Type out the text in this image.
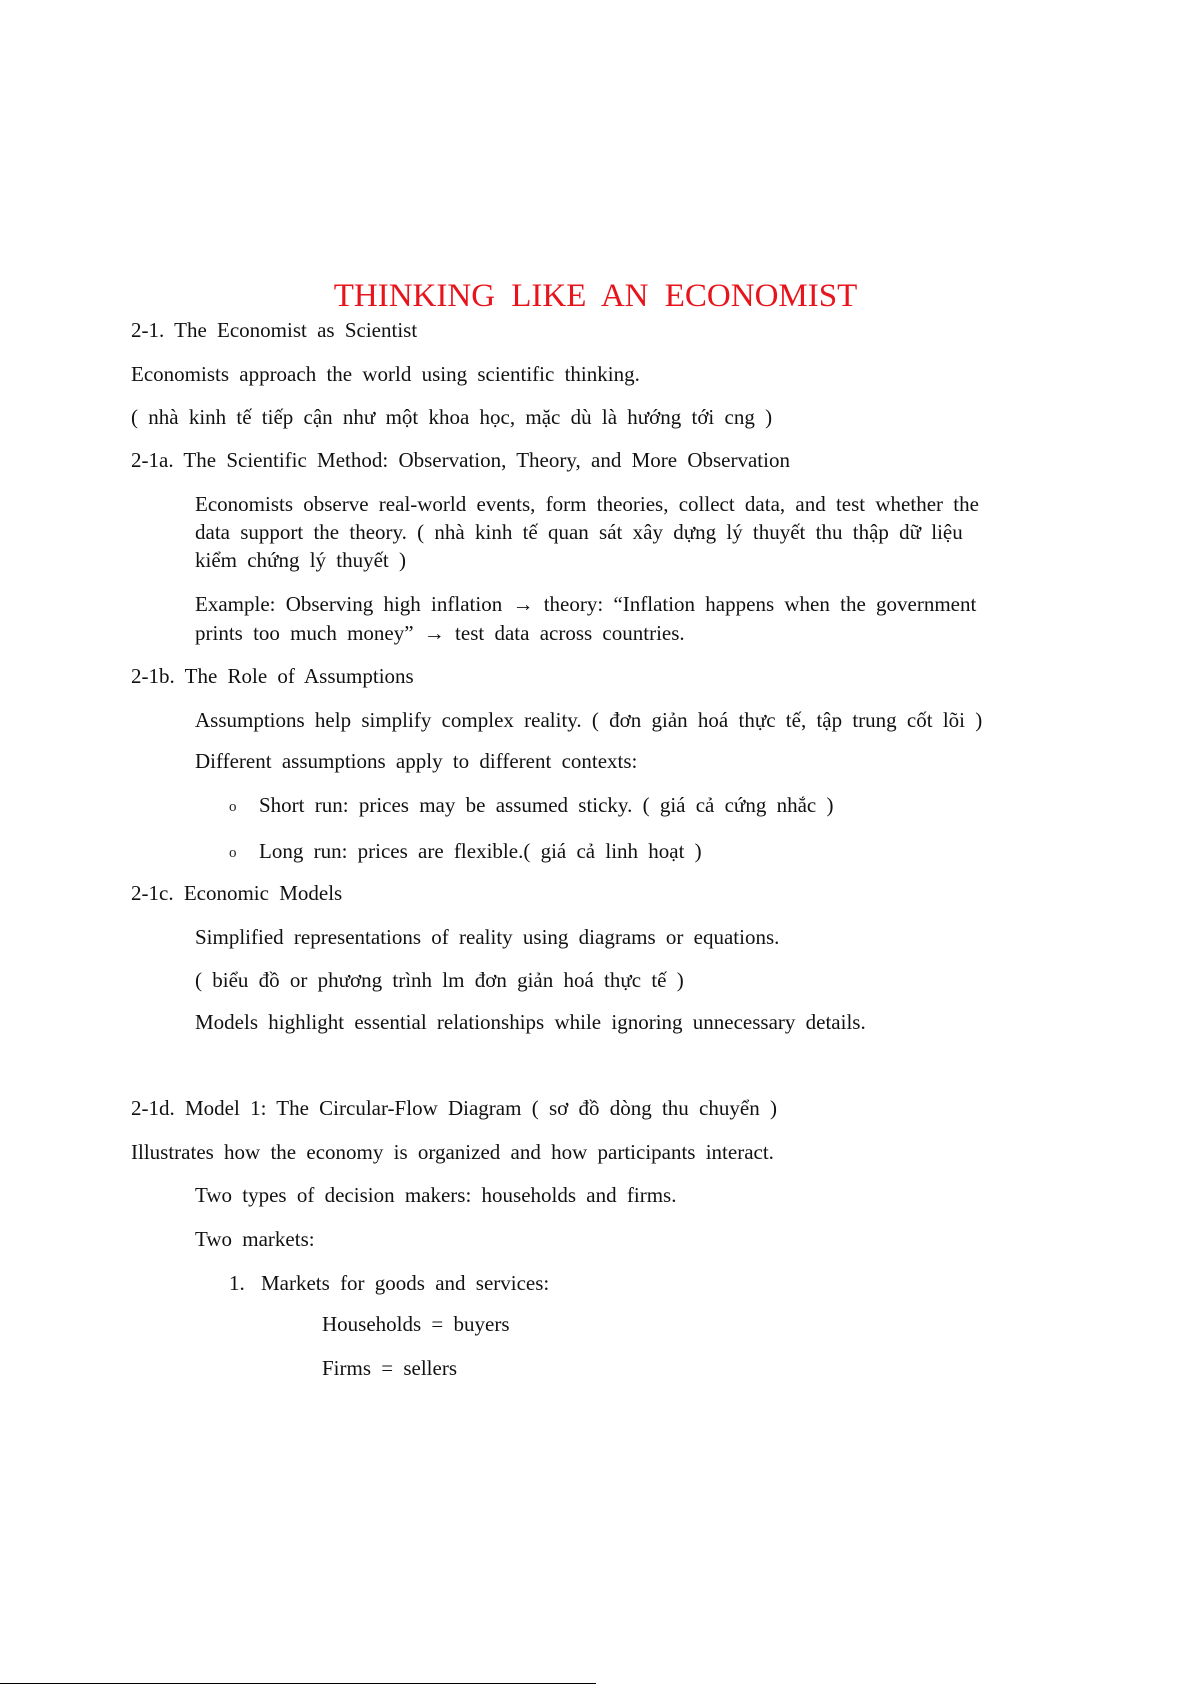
THINKING LIKE AN ECONOMIST
2-1. The Economist as Scientist
Economists approach the world using scientific thinking.
( nhà kinh tế tiếp cận như một khoa học, mặc dù là hướng tới cng )
2-1a. The Scientific Method: Observation, Theory, and More Observation
Economists observe real-world events, form theories, collect data, and test whether the
data support the theory. ( nhà kinh tế quan sát xây dựng lý thuyết thu thập dữ liệu
kiểm chứng lý thuyết )
Example: Observing high inflation → theory: “Inflation happens when the government
prints too much money” → test data across countries.
2-1b. The Role of Assumptions
Assumptions help simplify complex reality. ( đơn giản hoá thực tế, tập trung cốt lõi )
Different assumptions apply to different contexts:
o Short run: prices may be assumed sticky. ( giá cả cứng nhắc )
o Long run: prices are flexible.( giá cả linh hoạt )
2-1c. Economic Models
Simplified representations of reality using diagrams or equations.
( biểu đồ or phương trình lm đơn giản hoá thực tế )
Models highlight essential relationships while ignoring unnecessary details.
2-1d. Model 1: The Circular-Flow Diagram ( sơ đồ dòng thu chuyển )
Illustrates how the economy is organized and how participants interact.
Two types of decision makers: households and firms.
Two markets:
1. Markets for goods and services:
Households = buyers
Firms = sellers
